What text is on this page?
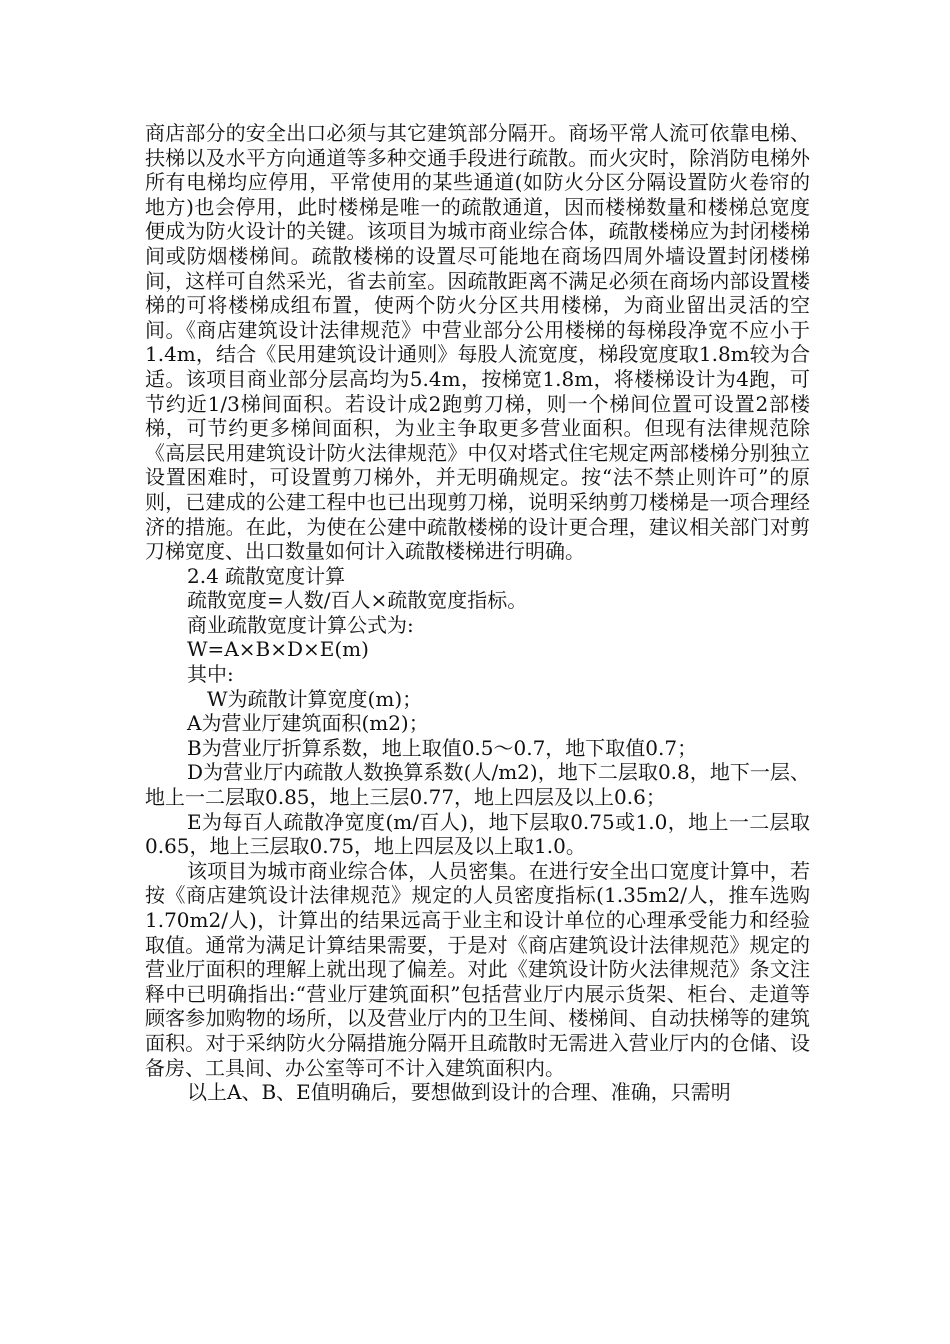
商店部分的安全出口必须与其它建筑部分隔开。商场平常人流可依靠电梯、扶梯以及水平方向通道等多种交通手段进行疏散。而火灾时，除消防电梯外所有电梯均应停用，平常使用的某些通道(如防火分区分隔设置防火卷帘的地方)也会停用，此时楼梯是唯一的疏散通道，因而楼梯数量和楼梯总宽度便成为防火设计的关键。该项目为城市商业综合体，疏散楼梯应为封闭楼梯间或防烟楼梯间。疏散楼梯的设置尽可能地在商场四周外墙设置封闭楼梯间，这样可自然采光，省去前室。因疏散距离不满足必须在商场内部设置楼梯的可将楼梯成组布置，使两个防火分区共用楼梯，为商业留出灵活的空间。《商店建筑设计法律规范》中营业部分公用楼梯的每梯段净宽不应小于1.4m，结合《民用建筑设计通则》每股人流宽度，梯段宽度取1.8m较为合适。该项目商业部分层高均为5.4m，按梯宽1.8m，将楼梯设计为4跑，可节约近1/3梯间面积。若设计成2跑剪刀梯，则一个梯间位置可设置2部楼梯，可节约更多梯间面积，为业主争取更多营业面积。但现有法律规范除《高层民用建筑设计防火法律规范》中仅对塔式住宅规定两部楼梯分别独立设置困难时，可设置剪刀梯外，并无明确规定。按“法不禁止则许可”的原则，已建成的公建工程中也已出现剪刀梯，说明采纳剪刀楼梯是一项合理经济的措施。在此，为使在公建中疏散楼梯的设计更合理，建议相关部门对剪刀梯宽度、出口数量如何计入疏散楼梯进行明确。

2.4 疏散宽度计算

疏散宽度=人数/百人×疏散宽度指标。

商业疏散宽度计算公式为:

W=A×B×D×E(m)

其中:

W为疏散计算宽度(m)；

A为营业厅建筑面积(m2)；

B为营业厅折算系数，地上取值0.5～0.7，地下取值0.7；

D为营业厅内疏散人数换算系数(人/m2)，地下二层取0.8，地下一层、地上一二层取0.85，地上三层0.77，地上四层及以上0.6；

E为每百人疏散净宽度(m/百人)，地下层取0.75或1.0，地上一二层取0.65，地上三层取0.75，地上四层及以上取1.0。

该项目为城市商业综合体，人员密集。在进行安全出口宽度计算中，若按《商店建筑设计法律规范》规定的人员密度指标(1.35m2/人，推车选购1.70m2/人)，计算出的结果远高于业主和设计单位的心理承受能力和经验取值。通常为满足计算结果需要，于是对《商店建筑设计法律规范》规定的营业厅面积的理解上就出现了偏差。对此《建筑设计防火法律规范》条文注释中已明确指出:“营业厅建筑面积”包括营业厅内展示货架、柜台、走道等顾客参加购物的场所，以及营业厅内的卫生间、楼梯间、自动扶梯等的建筑面积。对于采纳防火分隔措施分隔开且疏散时无需进入营业厅内的仓储、设备房、工具间、办公室等可不计入建筑面积内。

以上A、B、E值明确后，要想做到设计的合理、准确，只需明
